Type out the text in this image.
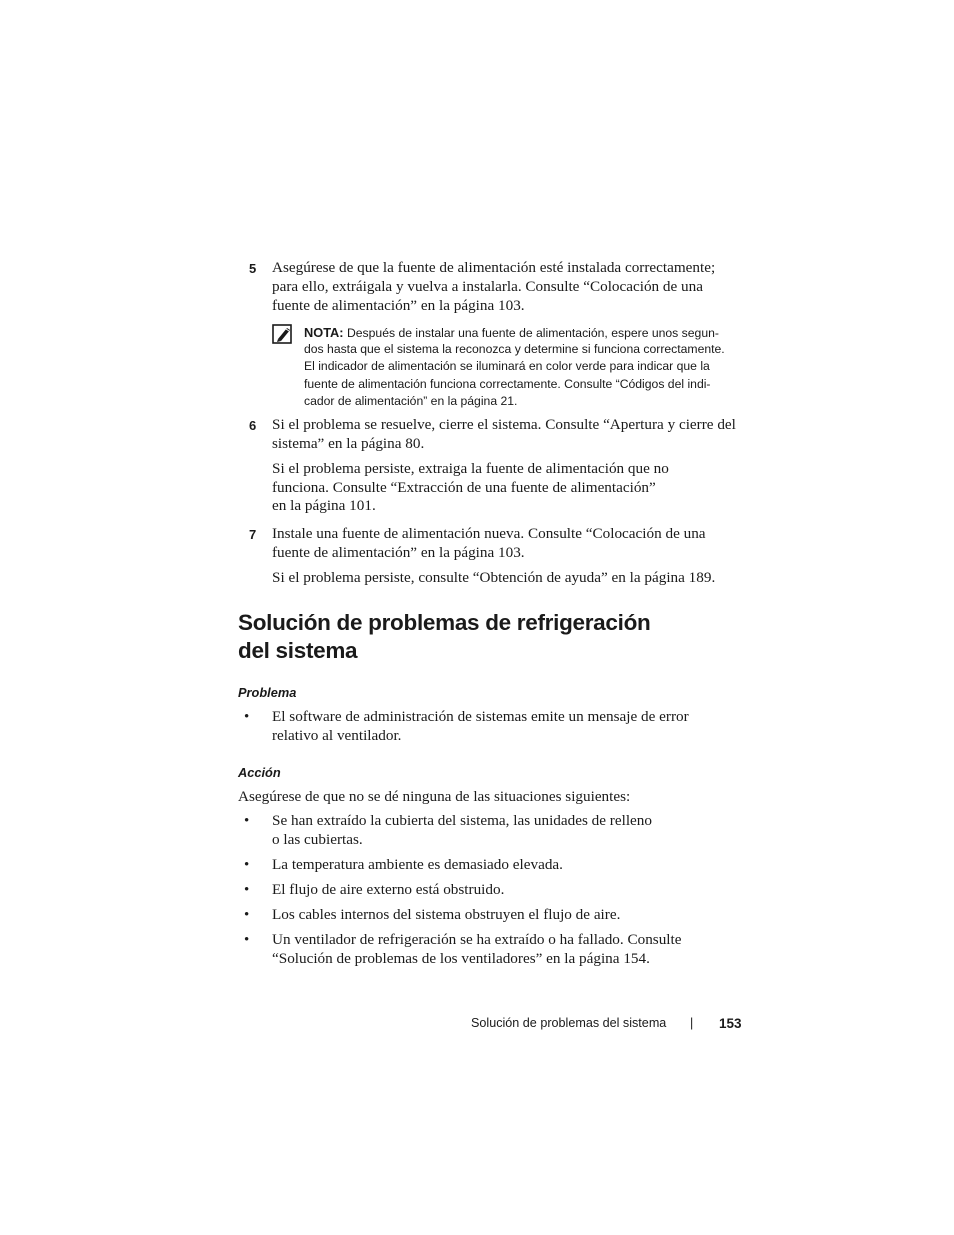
5 Asegúrese de que la fuente de alimentación esté instalada correctamente;
para ello, extráigala y vuelva a instalarla. Consulte “Colocación de una
fuente de alimentación” en la página 103.
NOTA: Después de instalar una fuente de alimentación, espere unos segun-
dos hasta que el sistema la reconozca y determine si funciona correctamente.
El indicador de alimentación se iluminará en color verde para indicar que la
fuente de alimentación funciona correctamente. Consulte “Códigos del indi-
cador de alimentación” en la página 21.
6 Si el problema se resuelve, cierre el sistema. Consulte “Apertura y cierre del
sistema” en la página 80.
Si el problema persiste, extraiga la fuente de alimentación que no
funciona. Consulte “Extracción de una fuente de alimentación”
en la página 101.
7 Instale una fuente de alimentación nueva. Consulte “Colocación de una
fuente de alimentación” en la página 103.
Si el problema persiste, consulte “Obtención de ayuda” en la página 189.
Solución de problemas de refrigeración
del sistema
Problema
• El software de administración de sistemas emite un mensaje de error
relativo al ventilador.
Acción
Asegúrese de que no se dé ninguna de las situaciones siguientes:
• Se han extraído la cubierta del sistema, las unidades de relleno
o las cubiertas.
• La temperatura ambiente es demasiado elevada.
• El flujo de aire externo está obstruido.
• Los cables internos del sistema obstruyen el flujo de aire.
• Un ventilador de refrigeración se ha extraído o ha fallado. Consulte
“Solución de problemas de los ventiladores” en la página 154.
Solución de problemas del sistema | 153
